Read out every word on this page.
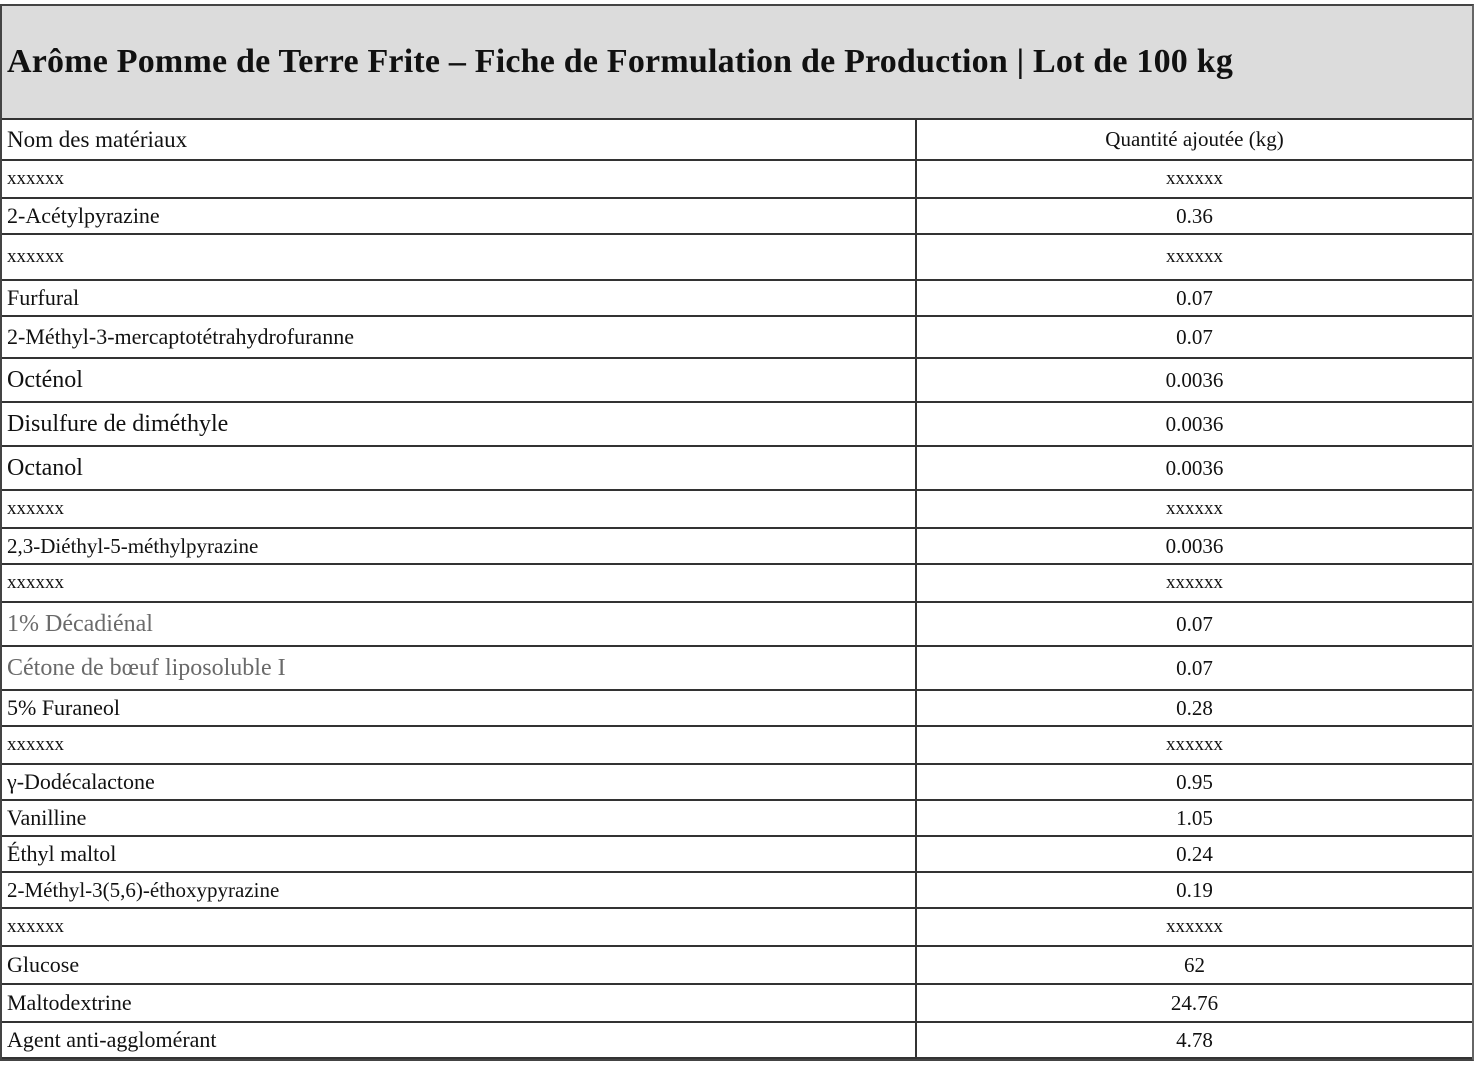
Arôme Pomme de Terre Frite – Fiche de Formulation de Production | Lot de 100 kg
Nom des matériaux	Quantité ajoutée (kg)
xxxxxx	xxxxxx
2-Acétylpyrazine	0.36
xxxxxx	xxxxxx
Furfural	0.07
2-Méthyl-3-mercaptotétrahydrofuranne	0.07
Octénol	0.0036
Disulfure de diméthyle	0.0036
Octanol	0.0036
xxxxxx	xxxxxx
2,3-Diéthyl-5-méthylpyrazine	0.0036
xxxxxx	xxxxxx
1% Décadiénal	0.07
Cétone de bœuf liposoluble I	0.07
5% Furaneol	0.28
xxxxxx	xxxxxx
γ-Dodécalactone	0.95
Vanilline	1.05
Éthyl maltol	0.24
2-Méthyl-3(5,6)-éthoxypyrazine	0.19
xxxxxx	xxxxxx
Glucose	62
Maltodextrine	24.76
Agent anti-agglomérant	4.78
